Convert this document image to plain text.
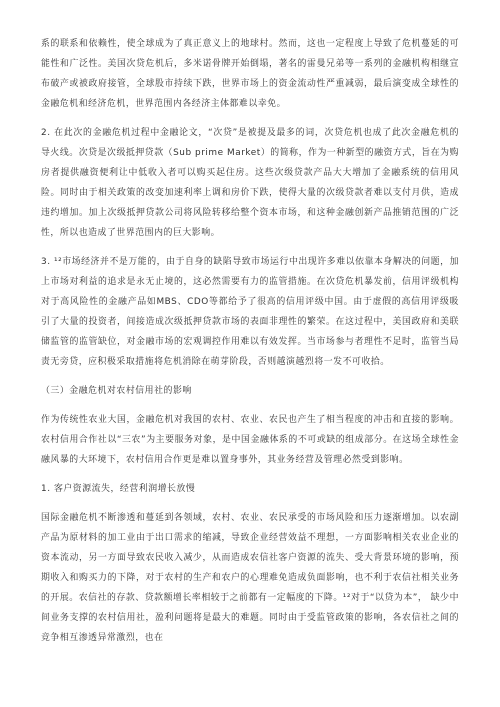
系的联系和依赖性，使全球成为了真正意义上的地球村。然而，这也一定程度上导致了危机蔓延的可能性和广泛性。美国次贷危机后，多米诺骨牌开始倒塌，著名的雷曼兄弟等一系列的金融机构相继宣布破产或被政府接管，全球股市持续下跌，世界市场上的资金流动性严重减弱，最后演变成全球性的金融危机和经济危机，世界范围内各经济主体都难以幸免。

2. 在此次的金融危机过程中金融论文，“次贷”是被提及最多的词，次贷危机也成了此次金融危机的导火线。次贷是次级抵押贷款（Sub prime Market）的简称，作为一种新型的融资方式，旨在为购房者提供融资便利让中低收入者可以购买起住房。这些次级贷款产品大大增加了金融系统的信用风险。同时由于相关政策的改变加速利率上调和房价下跌，使得大量的次级贷款者难以支付月供，造成违约增加。加上次级抵押贷款公司将风险转移给整个资本市场，和这种金融创新产品推销范围的广泛性，所以也造成了世界范围内的巨大影响。

3. ¹²市场经济并不是万能的，由于自身的缺陷导致市场运行中出现许多难以依靠本身解决的问题，加上市场对利益的追求是永无止境的，这必然需要有力的监管措施。在次贷危机暴发前，信用评级机构对于高风险性的金融产品如MBS、CDO等都给予了很高的信用评级中国。由于虚假的高信用评级吸引了大量的投资者，间接造成次级抵押贷款市场的表面非理性的繁荣。在这过程中，美国政府和美联储监管的监管缺位，对金融市场的宏观调控作用难以有效发挥。当市场参与者理性不足时，监管当局责无旁贷，应积极采取措施将危机消除在萌芽阶段，否则越演越烈将一发不可收拾。

（三）金融危机对农村信用社的影响

作为传统性农业大国，金融危机对我国的农村、农业、农民也产生了相当程度的冲击和直接的影响。农村信用合作社以“三农”为主要服务对象，是中国金融体系的不可或缺的组成部分。在这场全球性金融风暴的大环境下，农村信用合作更是难以置身事外，其业务经营及管理必然受到影响。

1. 客户资源流失，经营利润增长放慢

国际金融危机不断渗透和蔓延到各领域，农村、农业、农民承受的市场风险和压力逐渐增加。以农副产品为原材料的加工业由于出口需求的缩减，导致企业经营效益不理想，一方面影响相关农业企业的资本流动，另一方面导致农民收入减少，从而造成农信社客户资源的流失、受大背景环境的影响，预期收入和购买力的下降，对于农村的生产和农户的心理难免造成负面影响，也不利于农信社相关业务的开展。农信社的存款、贷款额增长率相较于之前都有一定幅度的下降。¹²对于“以贷为本”， 缺少中间业务支撑的农村信用社，盈利问题将是最大的难题。同时由于受监管政策的影响，各农信社之间的竞争相互渗透异常激烈，也在
